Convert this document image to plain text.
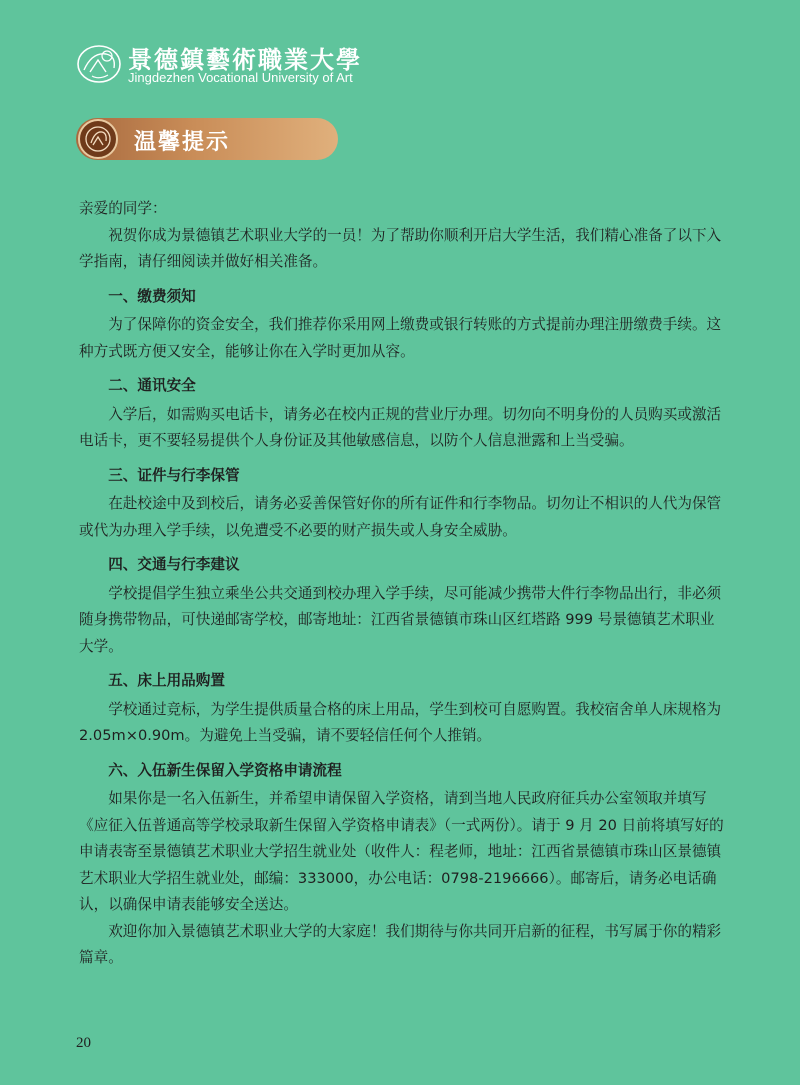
景德鎮藝術職業大學
Jingdezhen Vocational University of Art
温馨提示

亲爱的同学：

祝贺你成为景德镇艺术职业大学的一员！为了帮助你顺利开启大学生活，我们精心准备了以下入学指南，请仔细阅读并做好相关准备。

一、缴费须知

为了保障你的资金安全，我们推荐你采用网上缴费或银行转账的方式提前办理注册缴费手续。这种方式既方便又安全，能够让你在入学时更加从容。

二、通讯安全

入学后，如需购买电话卡，请务必在校内正规的营业厅办理。切勿向不明身份的人员购买或激活电话卡，更不要轻易提供个人身份证及其他敏感信息，以防个人信息泄露和上当受骗。

三、证件与行李保管

在赴校途中及到校后，请务必妥善保管好你的所有证件和行李物品。切勿让不相识的人代为保管或代为办理入学手续，以免遭受不必要的财产损失或人身安全威胁。

四、交通与行李建议

学校提倡学生独立乘坐公共交通到校办理入学手续，尽可能减少携带大件行李物品出行，非必须随身携带物品，可快递邮寄学校，邮寄地址：江西省景德镇市珠山区红塔路 999 号景德镇艺术职业大学。

五、床上用品购置

学校通过竞标，为学生提供质量合格的床上用品，学生到校可自愿购置。我校宿舍单人床规格为 2.05m×0.90m。为避免上当受骗，请不要轻信任何个人推销。

六、入伍新生保留入学资格申请流程

如果你是一名入伍新生，并希望申请保留入学资格，请到当地人民政府征兵办公室领取并填写《应征入伍普通高等学校录取新生保留入学资格申请表》（一式两份）。请于 9 月 20 日前将填写好的申请表寄至景德镇艺术职业大学招生就业处（收件人：程老师，地址：江西省景德镇市珠山区景德镇艺术职业大学招生就业处，邮编：333000，办公电话：0798-2196666）。邮寄后，请务必电话确认，以确保申请表能够安全送达。

欢迎你加入景德镇艺术职业大学的大家庭！我们期待与你共同开启新的征程，书写属于你的精彩篇章。

20
